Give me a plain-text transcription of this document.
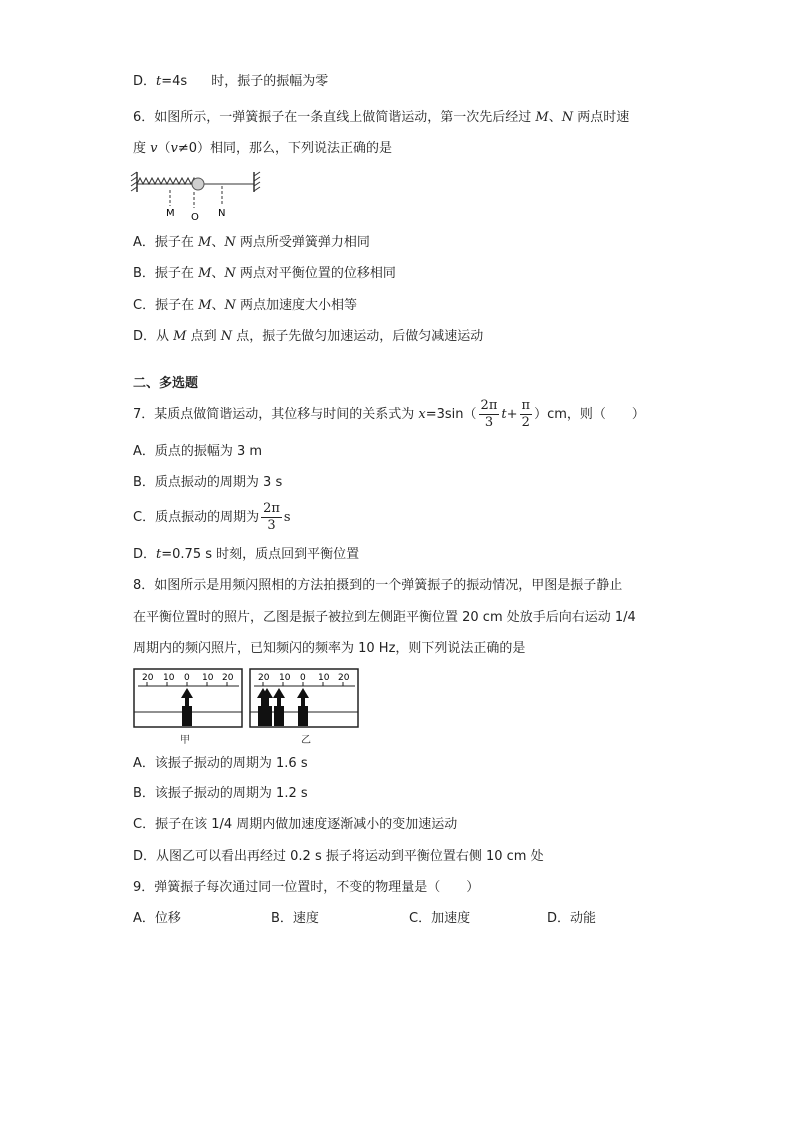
D．t=4s 时，振子的振幅为零
6．如图所示，一弹簧振子在一条直线上做简谐运动，第一次先后经过 M、N 两点时速
度 v（v≠0）相同，那么，下列说法正确的是
M O N
A．振子在 M、N 两点所受弹簧弹力相同
B．振子在 M、N 两点对平衡位置的位移相同
C．振子在 M、N 两点加速度大小相等
D．从 M 点到 N 点，振子先做匀加速运动，后做匀减速运动
二、多选题
7．某质点做简谐运动，其位移与时间的关系式为 $x=3\sin( \frac{2\pi}{3} t+ \frac{\pi}{2} )cm$，则（　　）
A．质点的振幅为 3 m
B．质点振动的周期为 3 s
C．质点振动的周期为 $\frac{2\pi}{3}$ s
D．t=0.75 s 时刻，质点回到平衡位置
8．如图所示是用频闪照相的方法拍摄到的一个弹簧振子的振动情况，甲图是振子静止
在平衡位置时的照片，乙图是振子被拉到左侧距平衡位置 20 cm 处放手后向右运动 1/4
周期内的频闪照片，已知频闪的频率为 10 Hz，则下列说法正确的是
20 10 0 10 20	20 10 0 10 20
甲	乙
A．该振子振动的周期为 1.6 s
B．该振子振动的周期为 1.2 s
C．振子在该 1/4 周期内做加速度逐渐减小的变加速运动
D．从图乙可以看出再经过 0.2 s 振子将运动到平衡位置右侧 10 cm 处
9．弹簧振子每次通过同一位置时，不变的物理量是（　　）
A．位移	B．速度	C．加速度	D．动能
